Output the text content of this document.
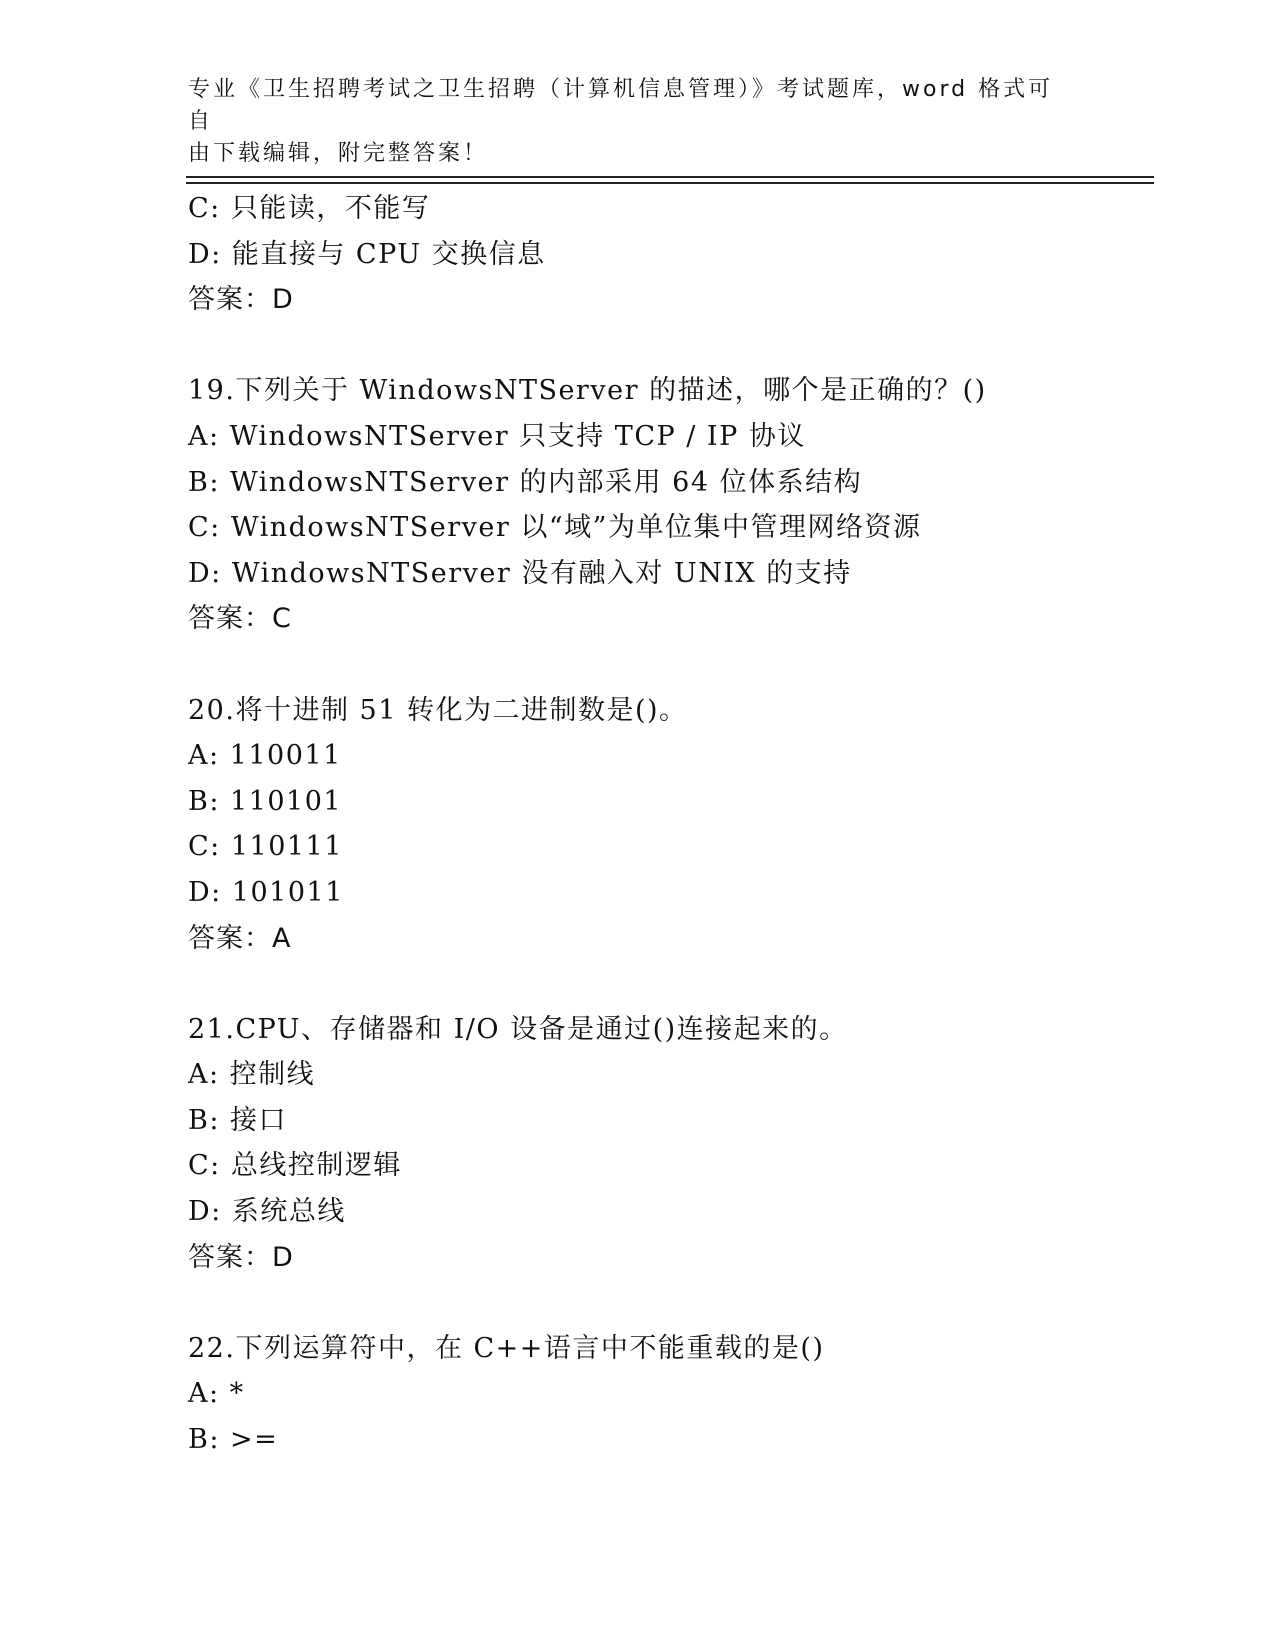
专业《卫生招聘考试之卫生招聘（计算机信息管理）》考试题库，word 格式可自
由下载编辑，附完整答案！
C: 只能读，不能写
D: 能直接与 CPU 交换信息
答案：D
19.下列关于 WindowsNTServer 的描述，哪个是正确的？()
A: WindowsNTServer 只支持 TCP / IP 协议
B: WindowsNTServer 的内部采用 64 位体系结构
C: WindowsNTServer 以“域”为单位集中管理网络资源
D: WindowsNTServer 没有融入对 UNIX 的支持
答案：C
20.将十进制 51 转化为二进制数是()。
A: 110011
B: 110101
C: 110111
D: 101011
答案：A
21.CPU、存储器和 I/O 设备是通过()连接起来的。
A: 控制线
B: 接口
C: 总线控制逻辑
D: 系统总线
答案：D
22.下列运算符中，在 C++语言中不能重载的是()
A: *
B: >=
